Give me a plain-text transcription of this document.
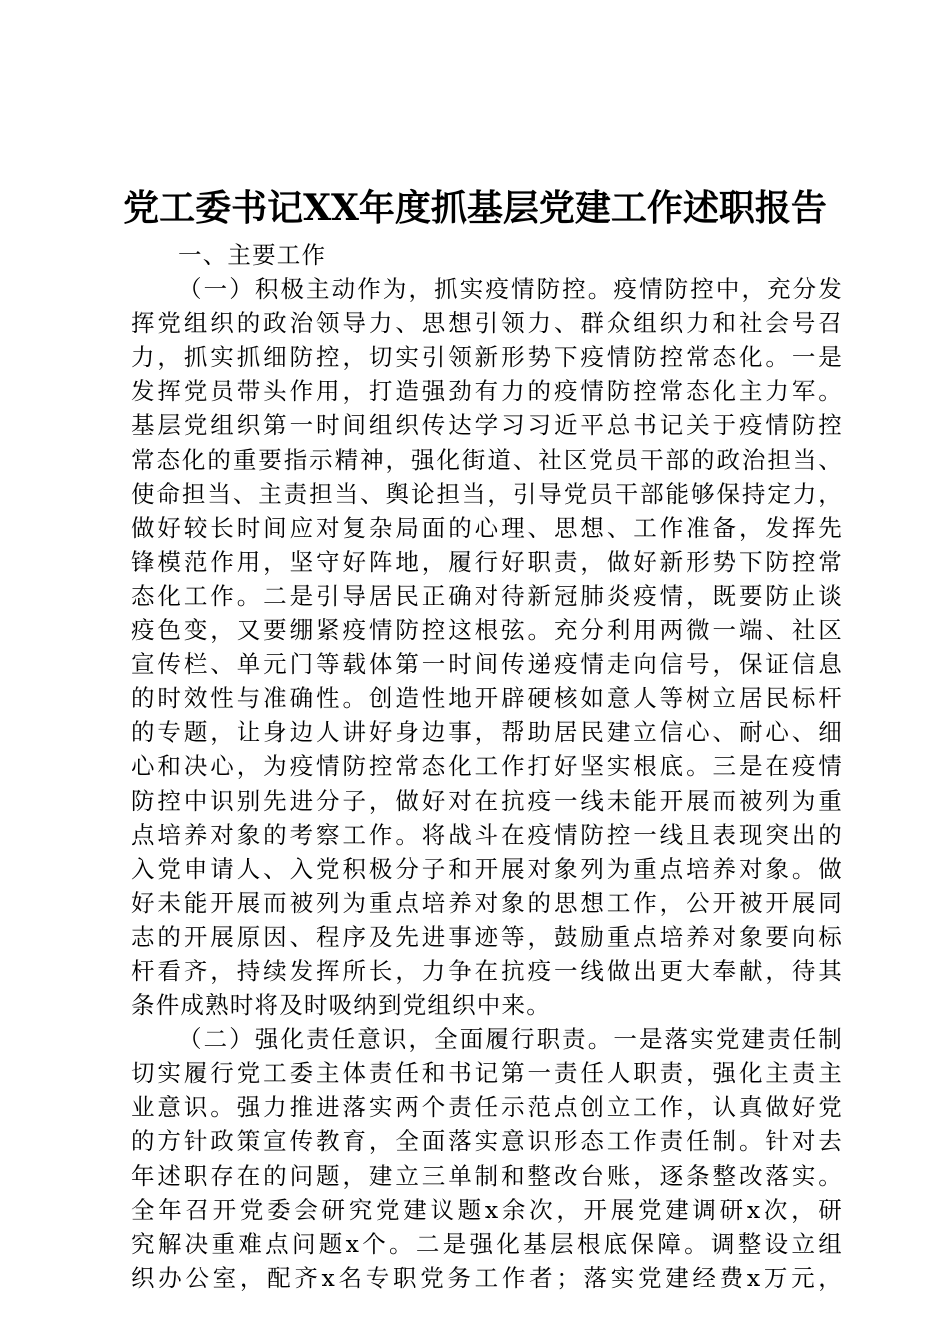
党工委书记XX年度抓基层党建工作述职报告
一、主要工作
（一）积极主动作为，抓实疫情防控。疫情防控中，充分发
挥党组织的政治领导力、思想引领力、群众组织力和社会号召
力，抓实抓细防控，切实引领新形势下疫情防控常态化。一是
发挥党员带头作用，打造强劲有力的疫情防控常态化主力军。
基层党组织第一时间组织传达学习习近平总书记关于疫情防控
常态化的重要指示精神，强化街道、社区党员干部的政治担当、
使命担当、主责担当、舆论担当，引导党员干部能够保持定力，
做好较长时间应对复杂局面的心理、思想、工作准备，发挥先
锋模范作用，坚守好阵地，履行好职责，做好新形势下防控常
态化工作。二是引导居民正确对待新冠肺炎疫情，既要防止谈
疫色变，又要绷紧疫情防控这根弦。充分利用两微一端、社区
宣传栏、单元门等载体第一时间传递疫情走向信号，保证信息
的时效性与准确性。创造性地开辟硬核如意人等树立居民标杆
的专题，让身边人讲好身边事，帮助居民建立信心、耐心、细
心和决心，为疫情防控常态化工作打好坚实根底。三是在疫情
防控中识别先进分子，做好对在抗疫一线未能开展而被列为重
点培养对象的考察工作。将战斗在疫情防控一线且表现突出的
入党申请人、入党积极分子和开展对象列为重点培养对象。做
好未能开展而被列为重点培养对象的思想工作，公开被开展同
志的开展原因、程序及先进事迹等，鼓励重点培养对象要向标
杆看齐，持续发挥所长，力争在抗疫一线做出更大奉献，待其
条件成熟时将及时吸纳到党组织中来。
（二）强化责任意识，全面履行职责。一是落实党建责任制
切实履行党工委主体责任和书记第一责任人职责，强化主责主
业意识。强力推进落实两个责任示范点创立工作，认真做好党
的方针政策宣传教育，全面落实意识形态工作责任制。针对去
年述职存在的问题，建立三单制和整改台账，逐条整改落实。
全年召开党委会研究党建议题x余次，开展党建调研x次，研
究解决重难点问题x个。二是强化基层根底保障。调整设立组
织办公室，配齐x名专职党务工作者；落实党建经费x万元，
